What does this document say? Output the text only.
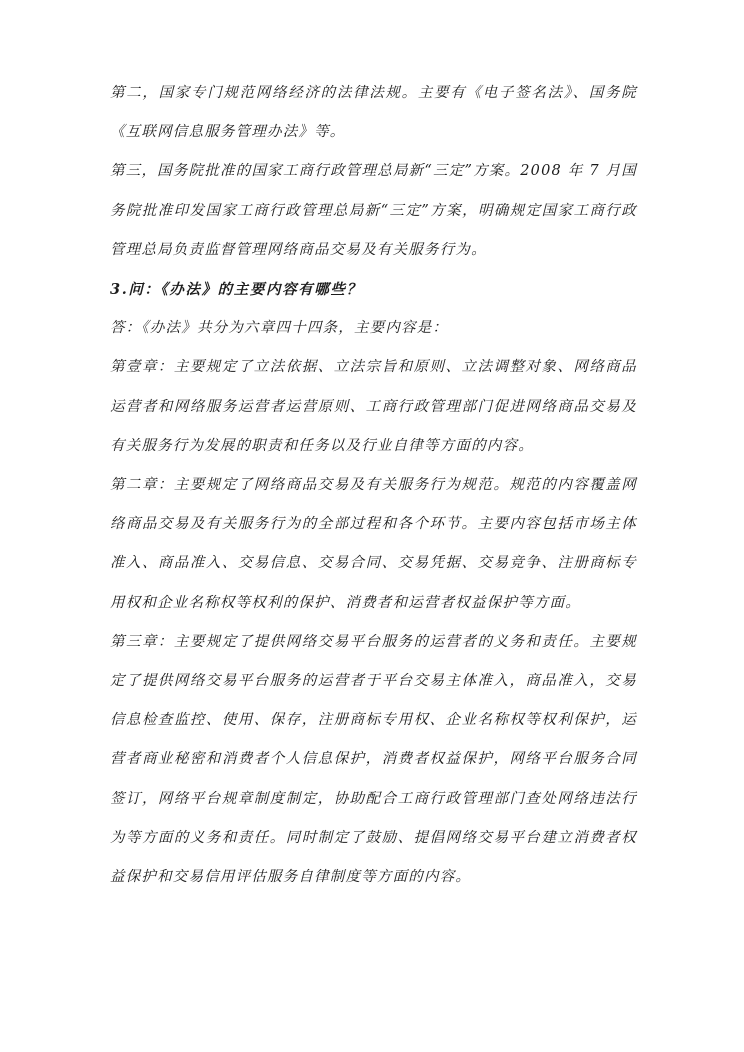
第二，国家专门规范网络经济的法律法规。主要有《电子签名法》、国务院《互联网信息服务管理办法》等。

第三，国务院批准的国家工商行政管理总局新“三定”方案。2008 年 7 月国务院批准印发国家工商行政管理总局新“三定”方案，明确规定国家工商行政管理总局负责监督管理网络商品交易及有关服务行为。

3.问：《办法》的主要内容有哪些？

答：《办法》共分为六章四十四条，主要内容是：

第壹章：主要规定了立法依据、立法宗旨和原则、立法调整对象、网络商品运营者和网络服务运营者运营原则、工商行政管理部门促进网络商品交易及有关服务行为发展的职责和任务以及行业自律等方面的内容。

第二章：主要规定了网络商品交易及有关服务行为规范。规范的内容覆盖网络商品交易及有关服务行为的全部过程和各个环节。主要内容包括市场主体准入、商品准入、交易信息、交易合同、交易凭据、交易竞争、注册商标专用权和企业名称权等权利的保护、消费者和运营者权益保护等方面。

第三章：主要规定了提供网络交易平台服务的运营者的义务和责任。主要规定了提供网络交易平台服务的运营者于平台交易主体准入，商品准入，交易信息检查监控、使用、保存，注册商标专用权、企业名称权等权利保护，运营者商业秘密和消费者个人信息保护，消费者权益保护，网络平台服务合同签订，网络平台规章制度制定，协助配合工商行政管理部门查处网络违法行为等方面的义务和责任。同时制定了鼓励、提倡网络交易平台建立消费者权益保护和交易信用评估服务自律制度等方面的内容。
